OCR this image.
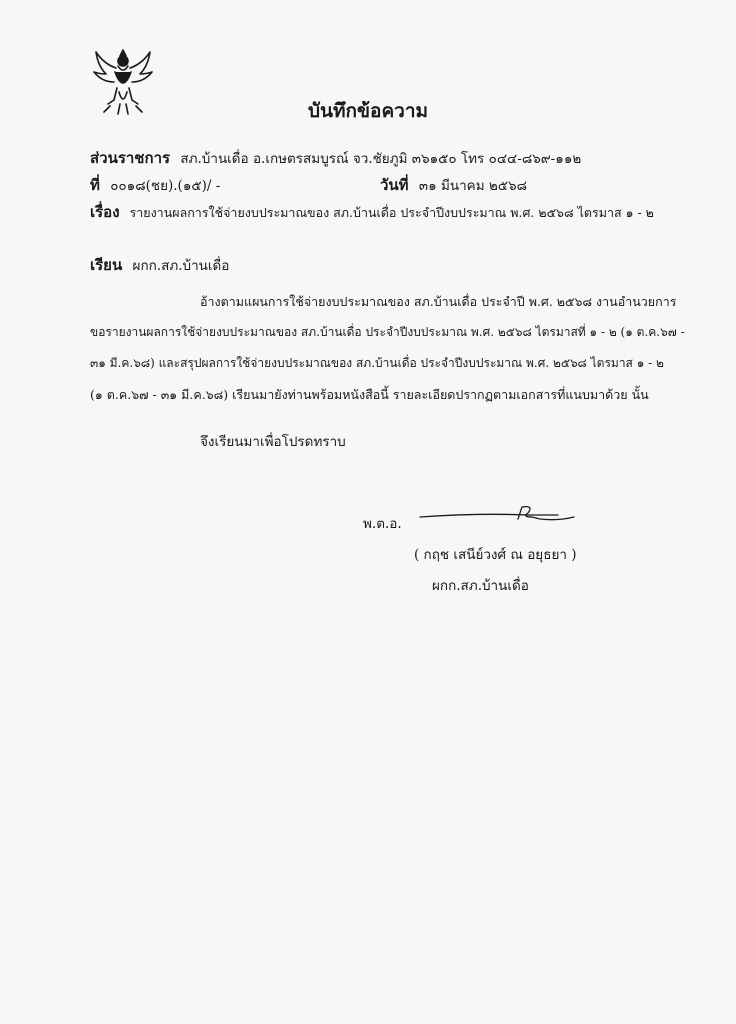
บันทึกข้อความ
ส่วนราชการ สภ.บ้านเดื่อ อ.เกษตรสมบูรณ์ จว.ชัยภูมิ ๓๖๑๕๐ โทร ๐๔๔-๘๖๙-๑๑๒
ที่ ๐๐๑๘(ชย).(๑๕)/ -	วันที่ ๓๑ มีนาคม ๒๕๖๘
เรื่อง รายงานผลการใช้จ่ายงบประมาณของ สภ.บ้านเดื่อ ประจำปีงบประมาณ พ.ศ. ๒๕๖๘ ไตรมาส ๑ - ๒
เรียน ผกก.สภ.บ้านเดื่อ
อ้างตามแผนการใช้จ่ายงบประมาณของ สภ.บ้านเดื่อ ประจำปี พ.ศ. ๒๕๖๘ งานอำนวยการ
ขอรายงานผลการใช้จ่ายงบประมาณของ สภ.บ้านเดื่อ ประจำปีงบประมาณ พ.ศ. ๒๕๖๘ ไตรมาสที่ ๑ - ๒ (๑ ต.ค.๖๗ -
๓๑ มี.ค.๖๘) และสรุปผลการใช้จ่ายงบประมาณของ สภ.บ้านเดื่อ ประจำปีงบประมาณ พ.ศ. ๒๕๖๘ ไตรมาส ๑ - ๒
(๑ ต.ค.๖๗ - ๓๑ มี.ค.๖๘) เรียนมายังท่านพร้อมหนังสือนี้ รายละเอียดปรากฏตามเอกสารที่แนบมาด้วย นั้น
จึงเรียนมาเพื่อโปรดทราบ
พ.ต.อ.
( กฤช เสนีย์วงศ์ ณ อยุธยา )
ผกก.สภ.บ้านเดื่อ
